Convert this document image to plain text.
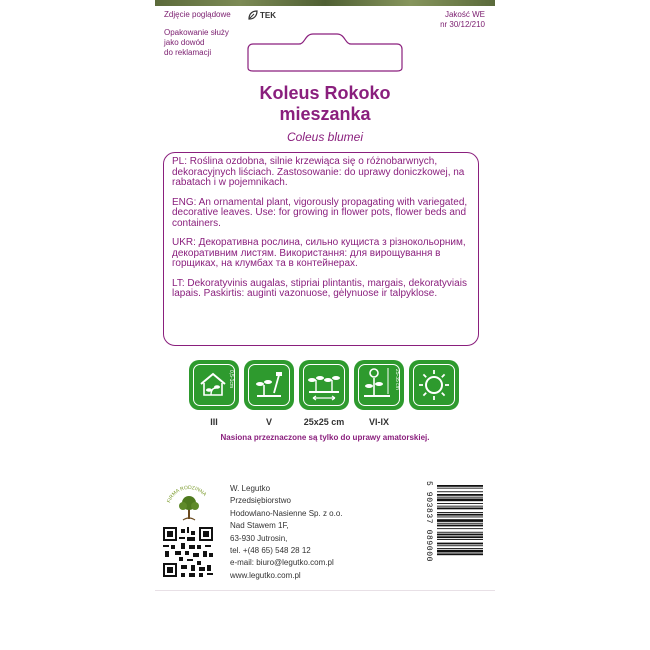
Zdjęcie poglądowe	TEK	Jakość WE
nr 30/12/210
Opakowanie służy
jako dowód
do reklamacji
Koleus Rokoko
mieszanka
Coleus blumei

PL: Roślina ozdobna, silnie krzewiąca się o różnobarwnych, dekoracyjnych liściach. Zastosowanie: do uprawy doniczkowej, na rabatach i w pojemnikach.

ENG: An ornamental plant, vigorously propagating with variegated, decorative leaves. Use: for growing in flower pots, flower beds and containers.

UKR: Декоративна рослина, сильно кущиста з різнокольорним, декоративним листям. Використання: для вирощування в горщиках, на клумбах та в контейнерах.

LT: Dekoratyvinis augalas, stipriai plintantis, margais, dekoratyviais lapais. Paskirtis: auginti vazonuose, gėlynuose ir talpyklose.

0,5-1cm	25-35 cm
III	V	25x25 cm	VI-IX
Nasiona przeznaczone są tylko do uprawy amatorskiej.
FIRMA RODZINNA
W. Legutko
Przedsiębiorstwo
Hodowlano-Nasienne Sp. z o.o.
Nad Stawem 1F,
63-930 Jutrosin,
tel. +(48 65) 548 28 12
e-mail: biuro@legutko.com.pl
www.legutko.com.pl
5 903837 089000
